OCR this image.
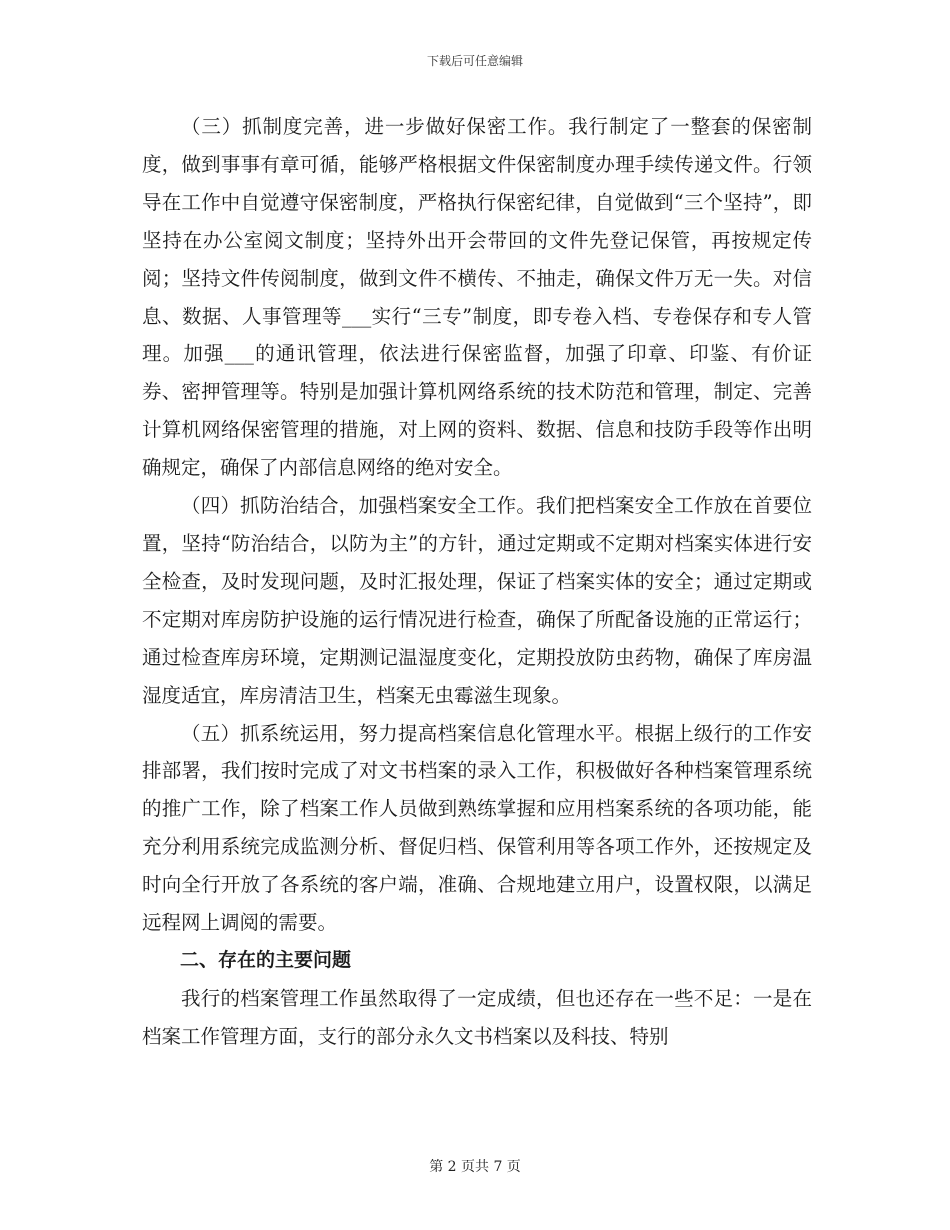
下载后可任意编辑

（三）抓制度完善，进一步做好保密工作。我行制定了一整套的保密制度，做到事事有章可循，能够严格根据文件保密制度办理手续传递文件。行领导在工作中自觉遵守保密制度，严格执行保密纪律，自觉做到“三个坚持”，即坚持在办公室阅文制度；坚持外出开会带回的文件先登记保管，再按规定传阅；坚持文件传阅制度，做到文件不横传、不抽走，确保文件万无一失。对信息、数据、人事管理等___实行“三专”制度，即专卷入档、专卷保存和专人管理。加强___的通讯管理，依法进行保密监督，加强了印章、印鉴、有价证券、密押管理等。特别是加强计算机网络系统的技术防范和管理，制定、完善计算机网络保密管理的措施，对上网的资料、数据、信息和技防手段等作出明确规定，确保了内部信息网络的绝对安全。

（四）抓防治结合，加强档案安全工作。我们把档案安全工作放在首要位置，坚持“防治结合，以防为主”的方针，通过定期或不定期对档案实体进行安全检查，及时发现问题，及时汇报处理，保证了档案实体的安全；通过定期或不定期对库房防护设施的运行情况进行检查，确保了所配备设施的正常运行；通过检查库房环境，定期测记温湿度变化，定期投放防虫药物，确保了库房温湿度适宜，库房清洁卫生，档案无虫霉滋生现象。

（五）抓系统运用，努力提高档案信息化管理水平。根据上级行的工作安排部署，我们按时完成了对文书档案的录入工作，积极做好各种档案管理系统的推广工作，除了档案工作人员做到熟练掌握和应用档案系统的各项功能，能充分利用系统完成监测分析、督促归档、保管利用等各项工作外，还按规定及时向全行开放了各系统的客户端，准确、合规地建立用户，设置权限，以满足远程网上调阅的需要。

二、存在的主要问题

我行的档案管理工作虽然取得了一定成绩，但也还存在一些不足：一是在档案工作管理方面，支行的部分永久文书档案以及科技、特别

第 2 页共 7 页
